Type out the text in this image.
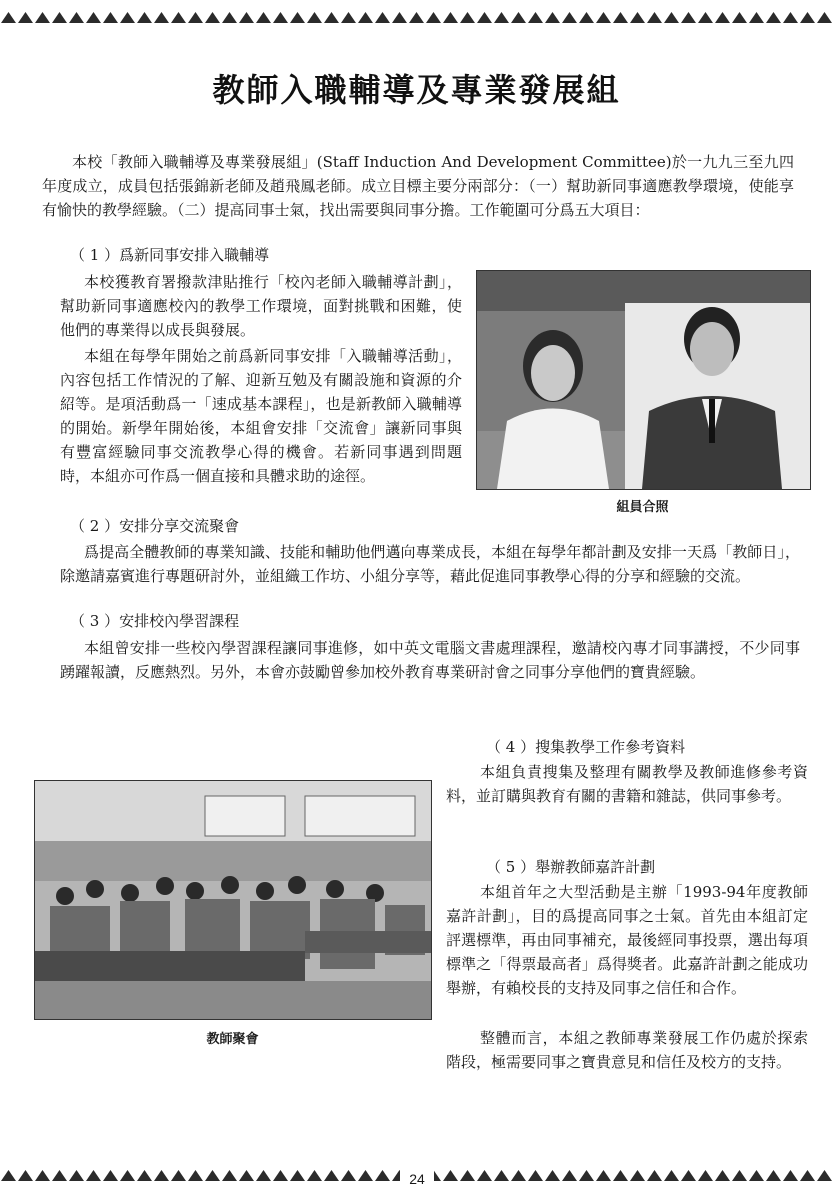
24
教師入職輔導及專業發展組

本校「教師入職輔導及專業發展組」(Staff Induction And Development Committee)於一九九三至九四年度成立，成員包括張錦新老師及趙飛鳳老師。成立目標主要分兩部分：（一）幫助新同事適應教學環境，使能享有愉快的教學經驗。（二）提高同事士氣，找出需要與同事分擔。工作範圍可分爲五大項目：

（ 1 ）爲新同事安排入職輔導

本校獲教育署撥款津貼推行「校內老師入職輔導計劃」，幫助新同事適應校內的教學工作環境，面對挑戰和困難，使他們的專業得以成長與發展。

本組在每學年開始之前爲新同事安排「入職輔導活動」，內容包括工作情況的了解、迎新互勉及有關設施和資源的介紹等。是項活動爲一「速成基本課程」，也是新教師入職輔導的開始。新學年開始後，本組會安排「交流會」讓新同事與有豐富經驗同事交流教學心得的機會。若新同事遇到問題時，本組亦可作爲一個直接和具體求助的途徑。

組員合照

（ 2 ）安排分享交流聚會

爲提高全體教師的專業知識、技能和輔助他們邁向專業成長，本組在每學年都計劃及安排一天爲「教師日」，除邀請嘉賓進行專題研討外，並組織工作坊、小組分享等，藉此促進同事教學心得的分享和經驗的交流。

（ 3 ）安排校內學習課程

本組曾安排一些校內學習課程讓同事進修，如中英文電腦文書處理課程，邀請校內專才同事講授，不少同事踴躍報讀，反應熱烈。另外，本會亦鼓勵曾參加校外教育專業研討會之同事分享他們的寶貴經驗。

（ 4 ）搜集教學工作參考資料

本組負責搜集及整理有關教學及教師進修參考資料，並訂購與教育有關的書籍和雜誌，供同事參考。

教師聚會

（ 5 ）舉辦教師嘉許計劃

本組首年之大型活動是主辦「1993-94年度教師嘉許計劃」，目的爲提高同事之士氣。首先由本組訂定評選標準，再由同事補充，最後經同事投票，選出每項標準之「得票最高者」爲得獎者。此嘉許計劃之能成功舉辦，有賴校長的支持及同事之信任和合作。

整體而言，本組之教師專業發展工作仍處於探索階段，極需要同事之寶貴意見和信任及校方的支持。
